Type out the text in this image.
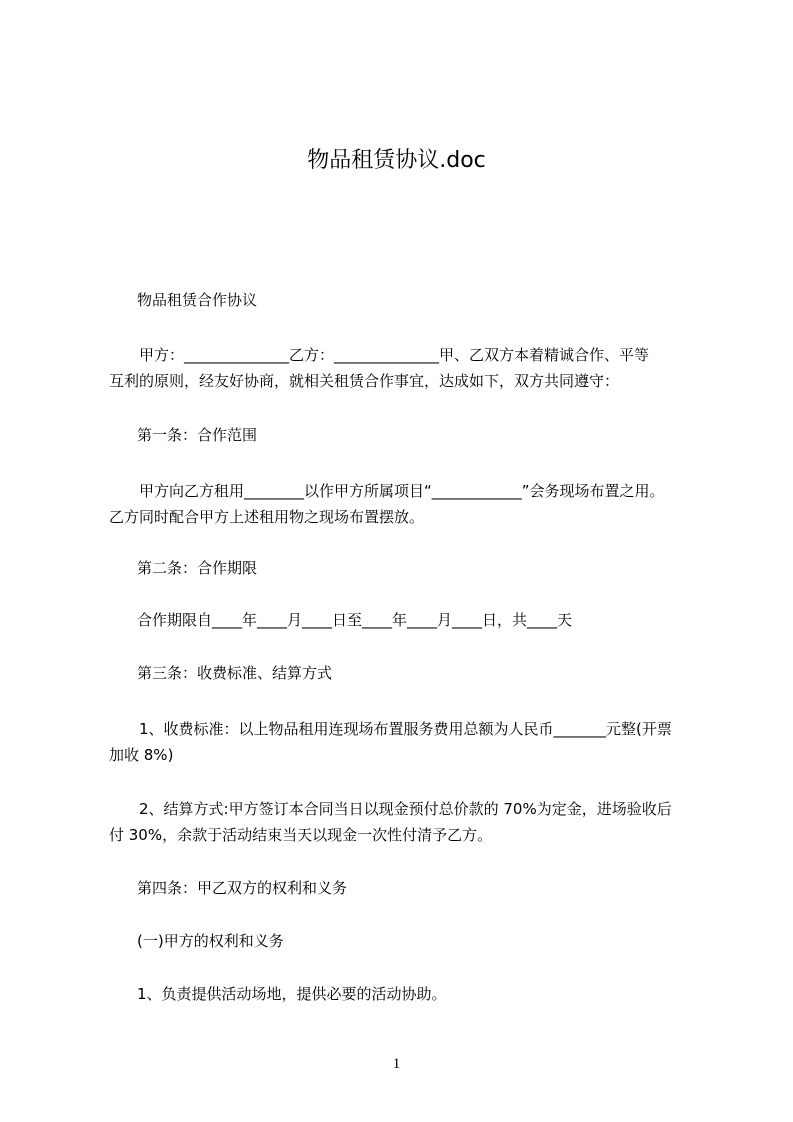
物品租赁协议.doc
物品租赁合作协议
甲方：______________乙方：______________甲、乙双方本着精诚合作、平等
互利的原则，经友好协商，就相关租赁合作事宜，达成如下，双方共同遵守：
第一条：合作范围
甲方向乙方租用________以作甲方所属项目“____________”会务现场布置之用。
乙方同时配合甲方上述租用物之现场布置摆放。
第二条：合作期限
合作期限自____年____月____日至____年____月____日，共____天
第三条：收费标准、结算方式
1、收费标准：以上物品租用连现场布置服务费用总额为人民币_______元整(开票
加收 8%)
2、结算方式:甲方签订本合同当日以现金预付总价款的 70%为定金，进场验收后
付 30%，余款于活动结束当天以现金一次性付清予乙方。
第四条：甲乙双方的权利和义务
(一)甲方的权利和义务
1、负责提供活动场地，提供必要的活动协助。
1
